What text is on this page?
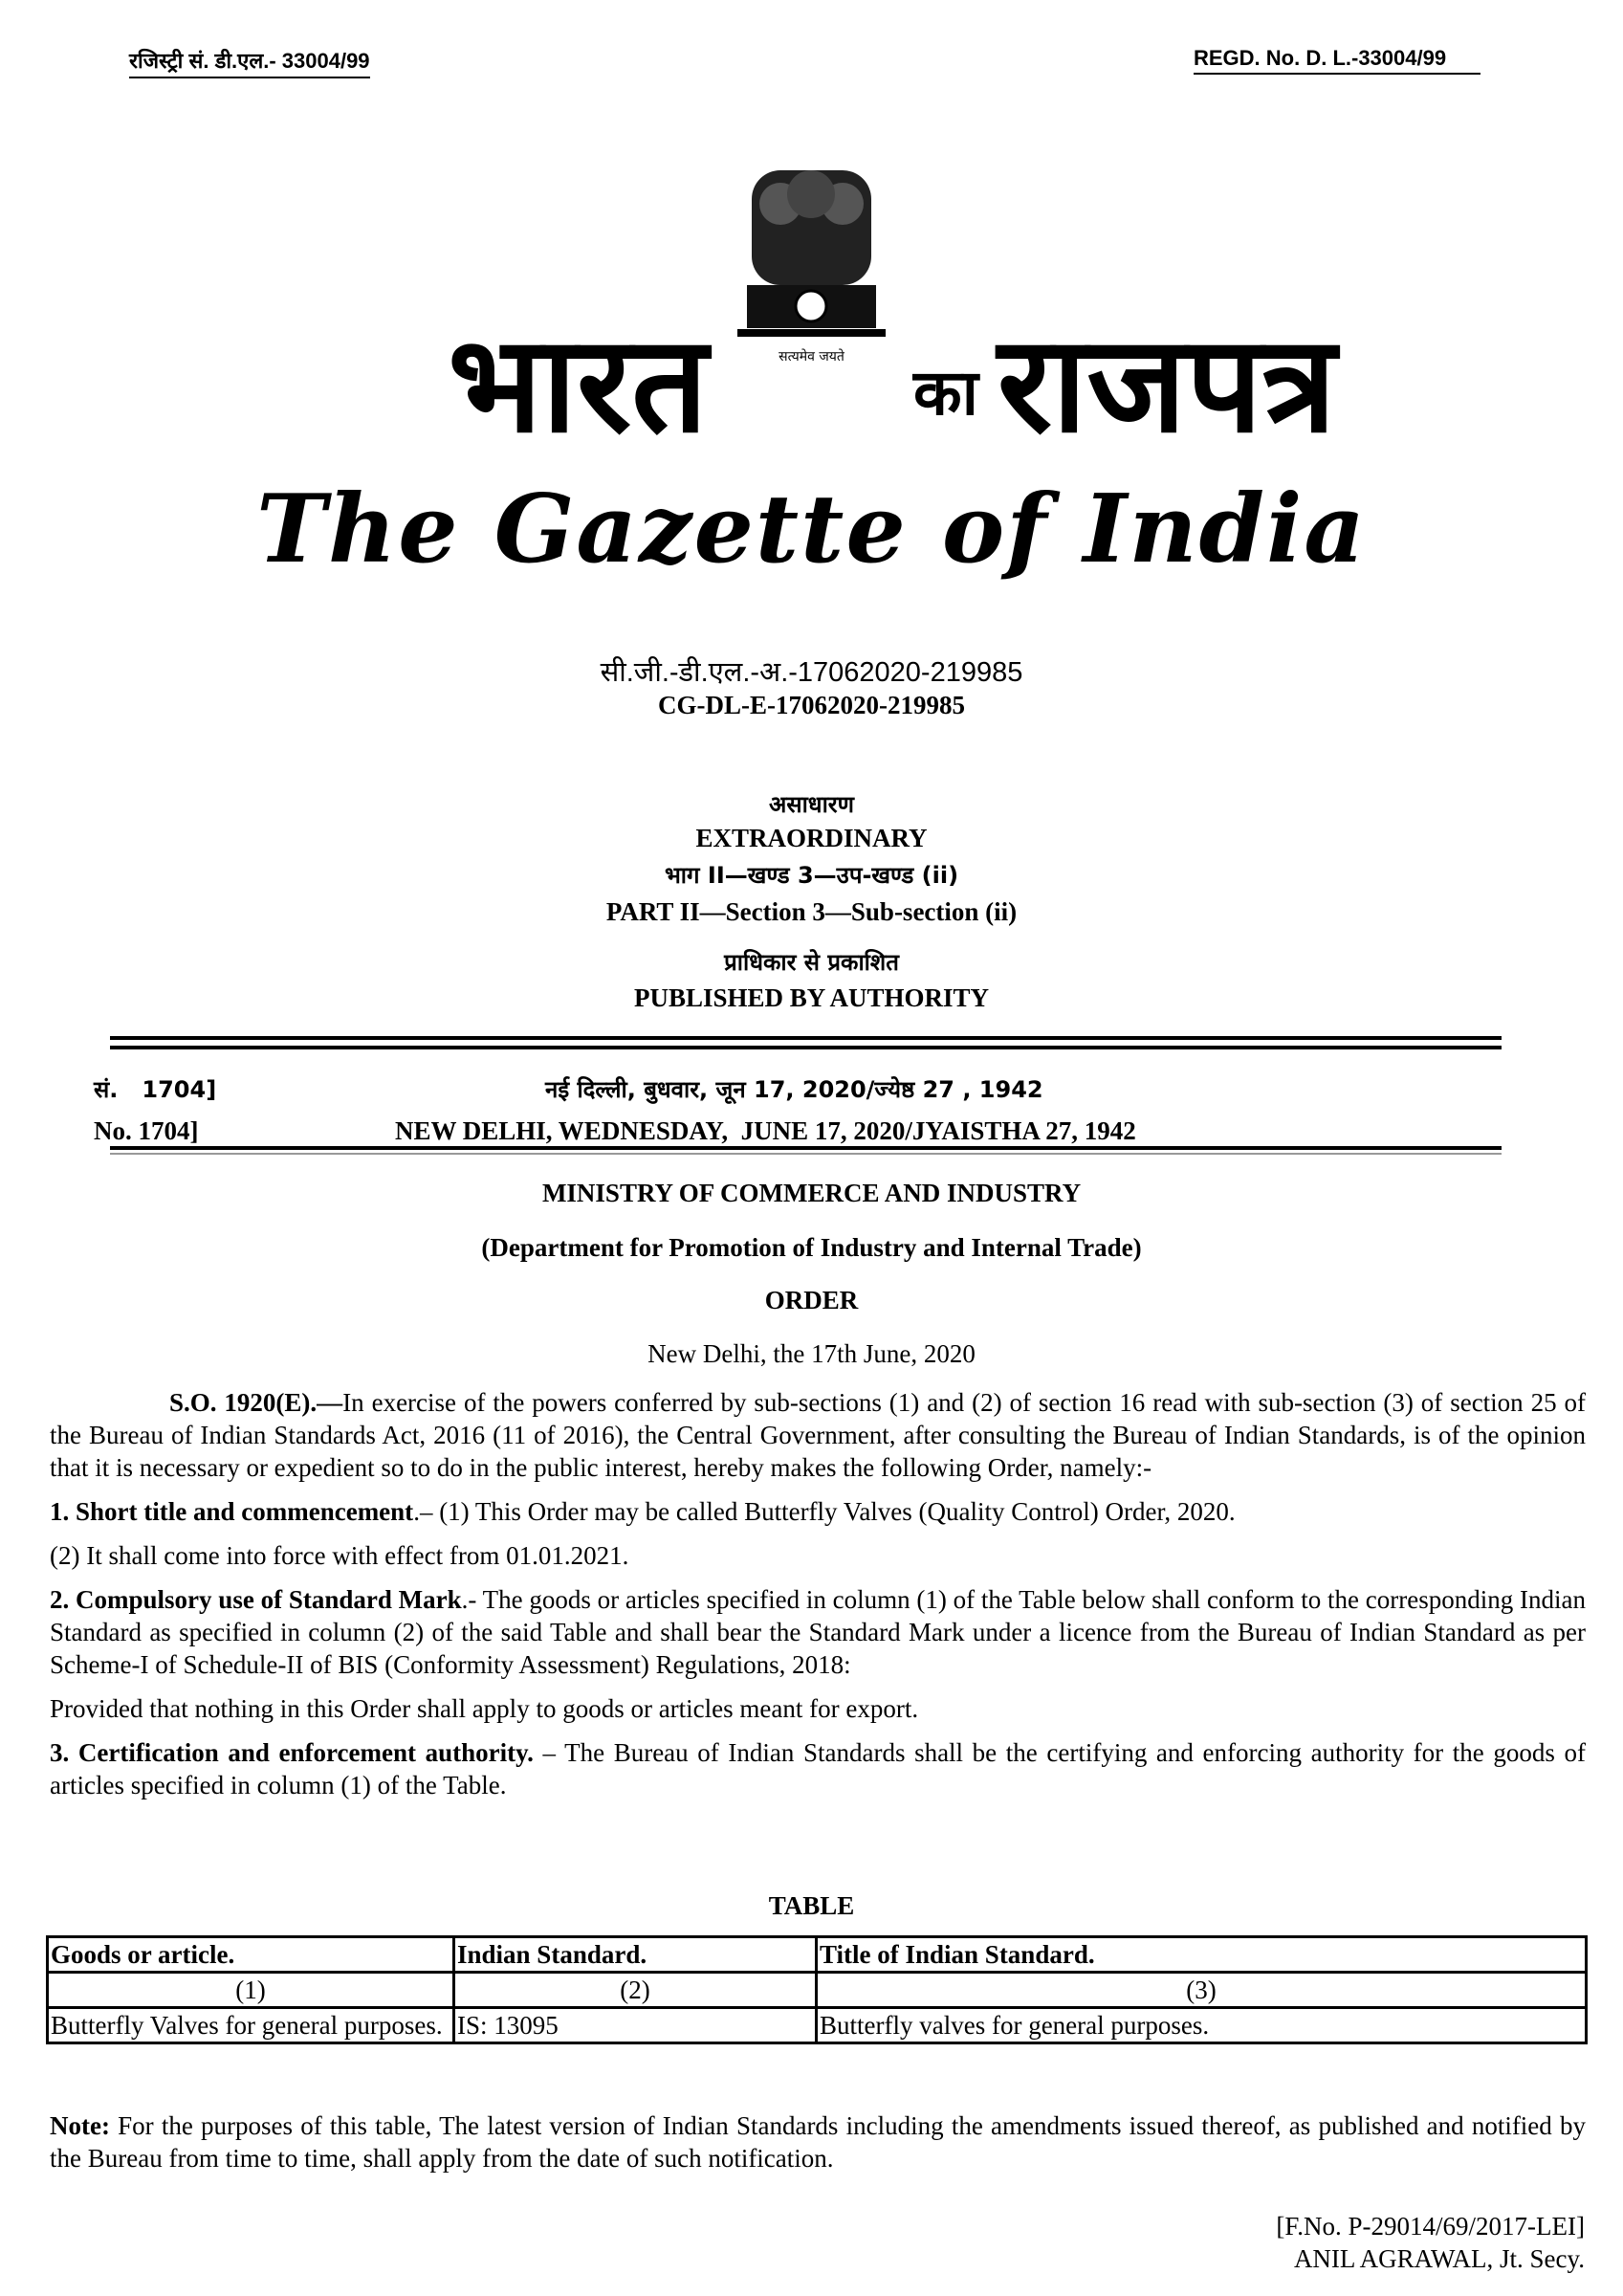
रजिस्ट्री सं. डी.एल.- 33004/99	REGD. No. D. L.-33004/99
सत्यमेव जयते
भारत	का राजपत्र
The Gazette of India
सी.जी.-डी.एल.-अ.-17062020-219985
CG-DL-E-17062020-219985
असाधारण
EXTRAORDINARY
भाग II—खण्ड 3—उप-खण्ड (ii)
PART II—Section 3—Sub-section (ii)
प्राधिकार से प्रकाशित
PUBLISHED BY AUTHORITY
सं.   1704]	नई दिल्ली, बुधवार, जून 17, 2020/ज्येष्ठ 27 , 1942
No. 1704]	NEW DELHI, WEDNESDAY,  JUNE 17, 2020/JYAISTHA 27, 1942
MINISTRY OF COMMERCE AND INDUSTRY
(Department for Promotion of Industry and Internal Trade)
ORDER
New Delhi, the 17th June, 2020

S.O. 1920(E).—In exercise of the powers conferred by sub-sections (1) and (2) of section 16 read with sub-section (3) of section 25 of the Bureau of Indian Standards Act, 2016 (11 of 2016), the Central Government, after consulting the Bureau of Indian Standards, is of the opinion that it is necessary or expedient so to do in the public interest, hereby makes the following Order, namely:-

1. Short title and commencement.– (1) This Order may be called Butterfly Valves (Quality Control) Order, 2020.

(2) It shall come into force with effect from 01.01.2021.

2. Compulsory use of Standard Mark.- The goods or articles specified in column (1) of the Table below shall conform to the corresponding Indian Standard as specified in column (2) of the said Table and shall bear the Standard Mark under a licence from the Bureau of Indian Standard as per Scheme-I of Schedule-II of BIS (Conformity Assessment) Regulations, 2018:

Provided that nothing in this Order shall apply to goods or articles meant for export.

3. Certification and enforcement authority. – The Bureau of Indian Standards shall be the certifying and enforcing authority for the goods of articles specified in column (1) of the Table.

TABLE
Goods or article.	Indian Standard.	Title of Indian Standard.
(1)	(2)	(3)
Butterfly Valves for general purposes.	IS: 13095	Butterfly valves for general purposes.
Note: For the purposes of this table, The latest version of Indian Standards including the amendments issued thereof, as published and notified by the Bureau from time to time, shall apply from the date of such notification.
[F.No. P-29014/69/2017-LEI]
ANIL AGRAWAL, Jt. Secy.
